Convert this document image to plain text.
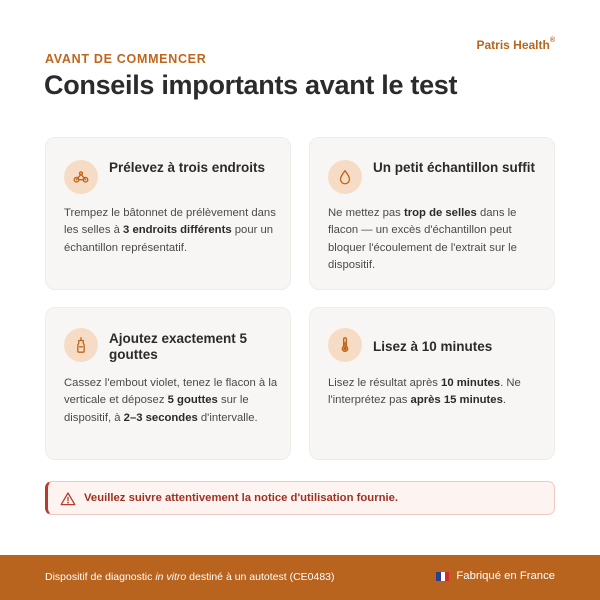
Patris Health®
AVANT DE COMMENCER
Conseils importants avant le test
Prélevez à trois endroits
Trempez le bâtonnet de prélèvement dans les selles à 3 endroits différents pour un échantillon représentatif.
Un petit échantillon suffit
Ne mettez pas trop de selles dans le flacon — un excès d'échantillon peut bloquer l'écoulement de l'extrait sur le dispositif.
Ajoutez exactement 5 gouttes
Cassez l'embout violet, tenez le flacon à la verticale et déposez 5 gouttes sur le dispositif, à 2–3 secondes d'intervalle.
Lisez à 10 minutes
Lisez le résultat après 10 minutes. Ne l'interprétez pas après 15 minutes.
Veuillez suivre attentivement la notice d'utilisation fournie.
Dispositif de diagnostic in vitro destiné à un autotest (CE0483)	Fabriqué en France
